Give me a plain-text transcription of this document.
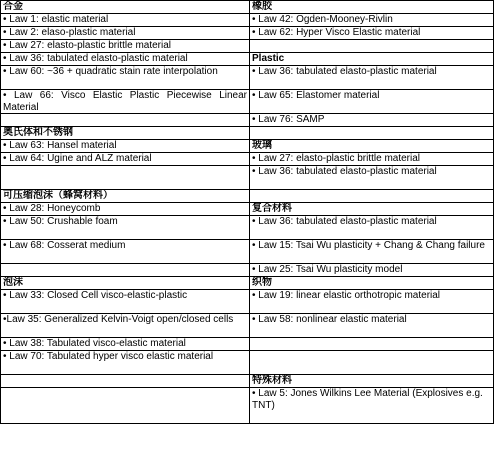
合金	橡胶
• Law 1: elastic material	• Law 42: Ogden-Mooney-Rivlin
• Law 2: elaso-plastic material	• Law 62: Hyper Visco Elastic material
• Law 27: elasto-plastic brittle material	
• Law 36: tabulated elasto-plastic material	Plastic
• Law 60: ~36 + quadratic stain rate interpolation	• Law 36: tabulated elasto-plastic material
• Law 66: Visco Elastic Plastic Piecewise Linear Material	• Law 65: Elastomer material
	• Law 76: SAMP
奥氏体和不锈钢	
• Law 63: Hansel material	玻璃
• Law 64: Ugine and ALZ material	• Law 27: elasto-plastic brittle material
	• Law 36: tabulated elasto-plastic material
可压缩泡沫（蜂窝材料）	
• Law 28: Honeycomb	复合材料
• Law 50: Crushable foam	• Law 36: tabulated elasto-plastic material
• Law 68: Cosserat medium	• Law 15: Tsai Wu plasticity + Chang & Chang failure
	• Law 25: Tsai Wu plasticity model
泡沫	织物
• Law 33: Closed Cell visco-elastic-plastic	• Law 19: linear elastic orthotropic material
•Law 35: Generalized Kelvin-Voigt open/closed cells	• Law 58: nonlinear elastic material
• Law 38: Tabulated visco-elastic material	
• Law 70: Tabulated hyper visco elastic material	
	特殊材料
	• Law 5: Jones Wilkins Lee Material (Explosives e.g. TNT)
